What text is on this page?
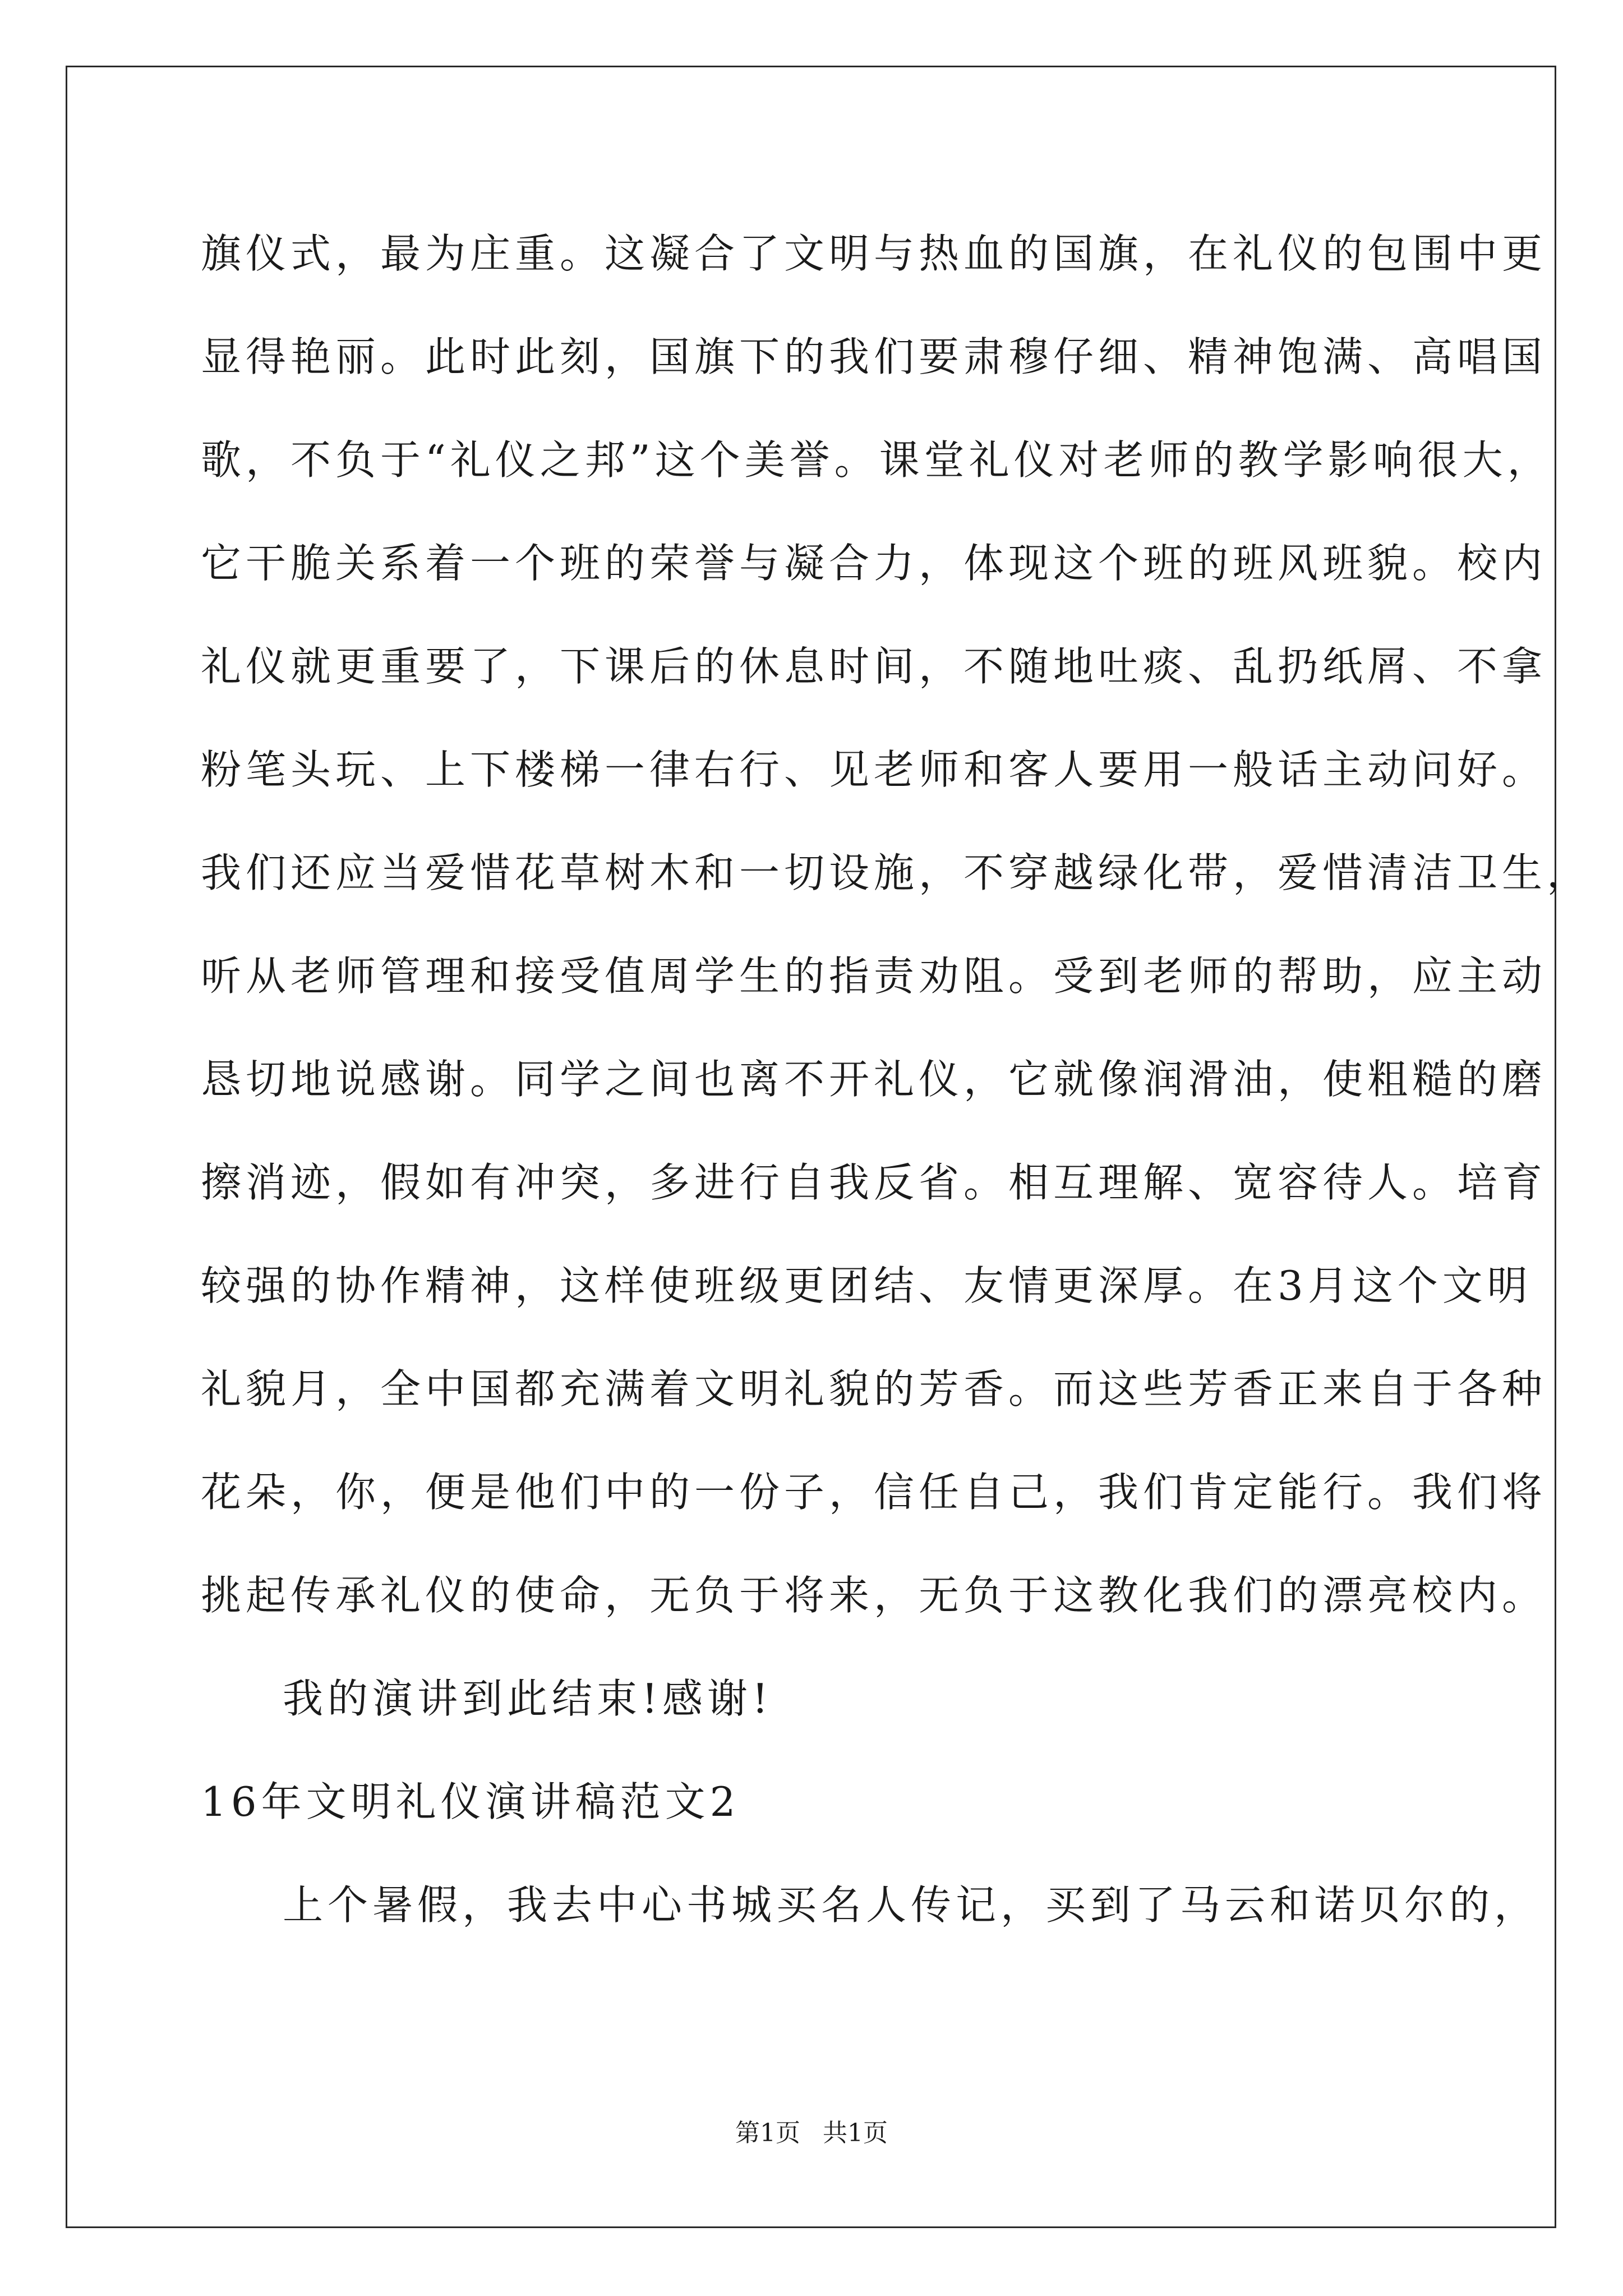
旗仪式，最为庄重。这凝合了文明与热血的国旗，在礼仪的包围中更
显得艳丽。此时此刻，国旗下的我们要肃穆仔细、精神饱满、高唱国
歌，不负于“礼仪之邦”这个美誉。课堂礼仪对老师的教学影响很大，
它干脆关系着一个班的荣誉与凝合力，体现这个班的班风班貌。校内
礼仪就更重要了，下课后的休息时间，不随地吐痰、乱扔纸屑、不拿
粉笔头玩、上下楼梯一律右行、见老师和客人要用一般话主动问好。
我们还应当爱惜花草树木和一切设施，不穿越绿化带，爱惜清洁卫生，
听从老师管理和接受值周学生的指责劝阻。受到老师的帮助，应主动
恳切地说感谢。同学之间也离不开礼仪，它就像润滑油，使粗糙的磨
擦消迹，假如有冲突，多进行自我反省。相互理解、宽容待人。培育
较强的协作精神，这样使班级更团结、友情更深厚。在3月这个文明
礼貌月，全中国都充满着文明礼貌的芳香。而这些芳香正来自于各种
花朵，你，便是他们中的一份子，信任自己，我们肯定能行。我们将
挑起传承礼仪的使命，无负于将来，无负于这教化我们的漂亮校内。
我的演讲到此结束!感谢!
16年文明礼仪演讲稿范文2
上个暑假，我去中心书城买名人传记，买到了马云和诺贝尔的，
第1页 共1页
